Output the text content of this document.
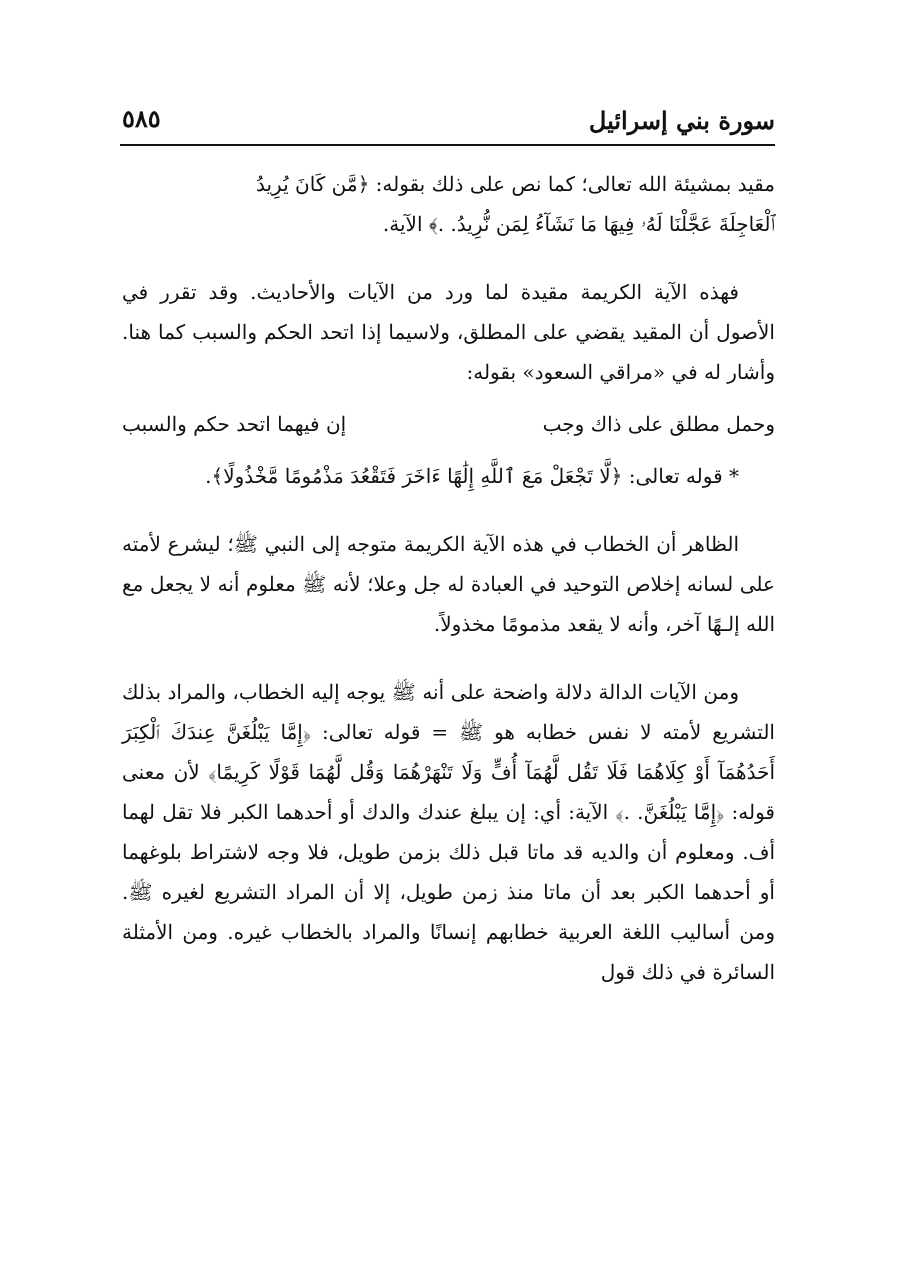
سورة بني إسرائيل
٥٨٥

مقيد بمشيئة الله تعالى؛ كما نص على ذلك بقوله: ﴿مَّن كَانَ يُرِيدُ

ٱلْعَاجِلَةَ عَجَّلْنَا لَهُۥ فِيهَا مَا نَشَآءُ لِمَن نُّرِيدُ. .﴾ الآية.

فهذه الآية الكريمة مقيدة لما ورد من الآيات والأحاديث. وقد تقرر في الأصول أن المقيد يقضي على المطلق، ولاسيما إذا اتحد الحكم والسبب كما هنا. وأشار له في «مراقي السعود» بقوله:

وحمل مطلق على ذاك وجب
إن فيهما اتحد حكم والسبب

* قوله تعالى: ﴿لَّا تَجْعَلْ مَعَ ٱللَّهِ إِلَٰهًا ءَاخَرَ فَتَقْعُدَ مَذْمُومًا مَّخْذُولًا﴾.

الظاهر أن الخطاب في هذه الآية الكريمة متوجه إلى النبي ﷺ؛ ليشرع لأمته على لسانه إخلاص التوحيد في العبادة له جل وعلا؛ لأنه ﷺ معلوم أنه لا يجعل مع الله إلـهًا آخر، وأنه لا يقعد مذمومًا مخذولاً.

ومن الآيات الدالة دلالة واضحة على أنه ﷺ يوجه إليه الخطاب، والمراد بذلك التشريع لأمته لا نفس خطابه هو ﷺ = قوله تعالى: ﴿إِمَّا يَبْلُغَنَّ عِندَكَ ٱلْكِبَرَ أَحَدُهُمَآ أَوْ كِلَاهُمَا فَلَا تَقُل لَّهُمَآ أُفٍّ وَلَا تَنْهَرْهُمَا وَقُل لَّهُمَا قَوْلًا كَرِيمًا﴾ لأن معنى قوله: ﴿إِمَّا يَبْلُغَنَّ. .﴾ الآية: أي: إن يبلغ عندك والدك أو أحدهما الكبر فلا تقل لهما أف. ومعلوم أن والديه قد ماتا قبل ذلك بزمن طويل، فلا وجه لاشتراط بلوغهما أو أحدهما الكبر بعد أن ماتا منذ زمن طويل، إلا أن المراد التشريع لغيره ﷺ. ومن أساليب اللغة العربية خطابهم إنسانًا والمراد بالخطاب غيره. ومن الأمثلة السائرة في ذلك قول
